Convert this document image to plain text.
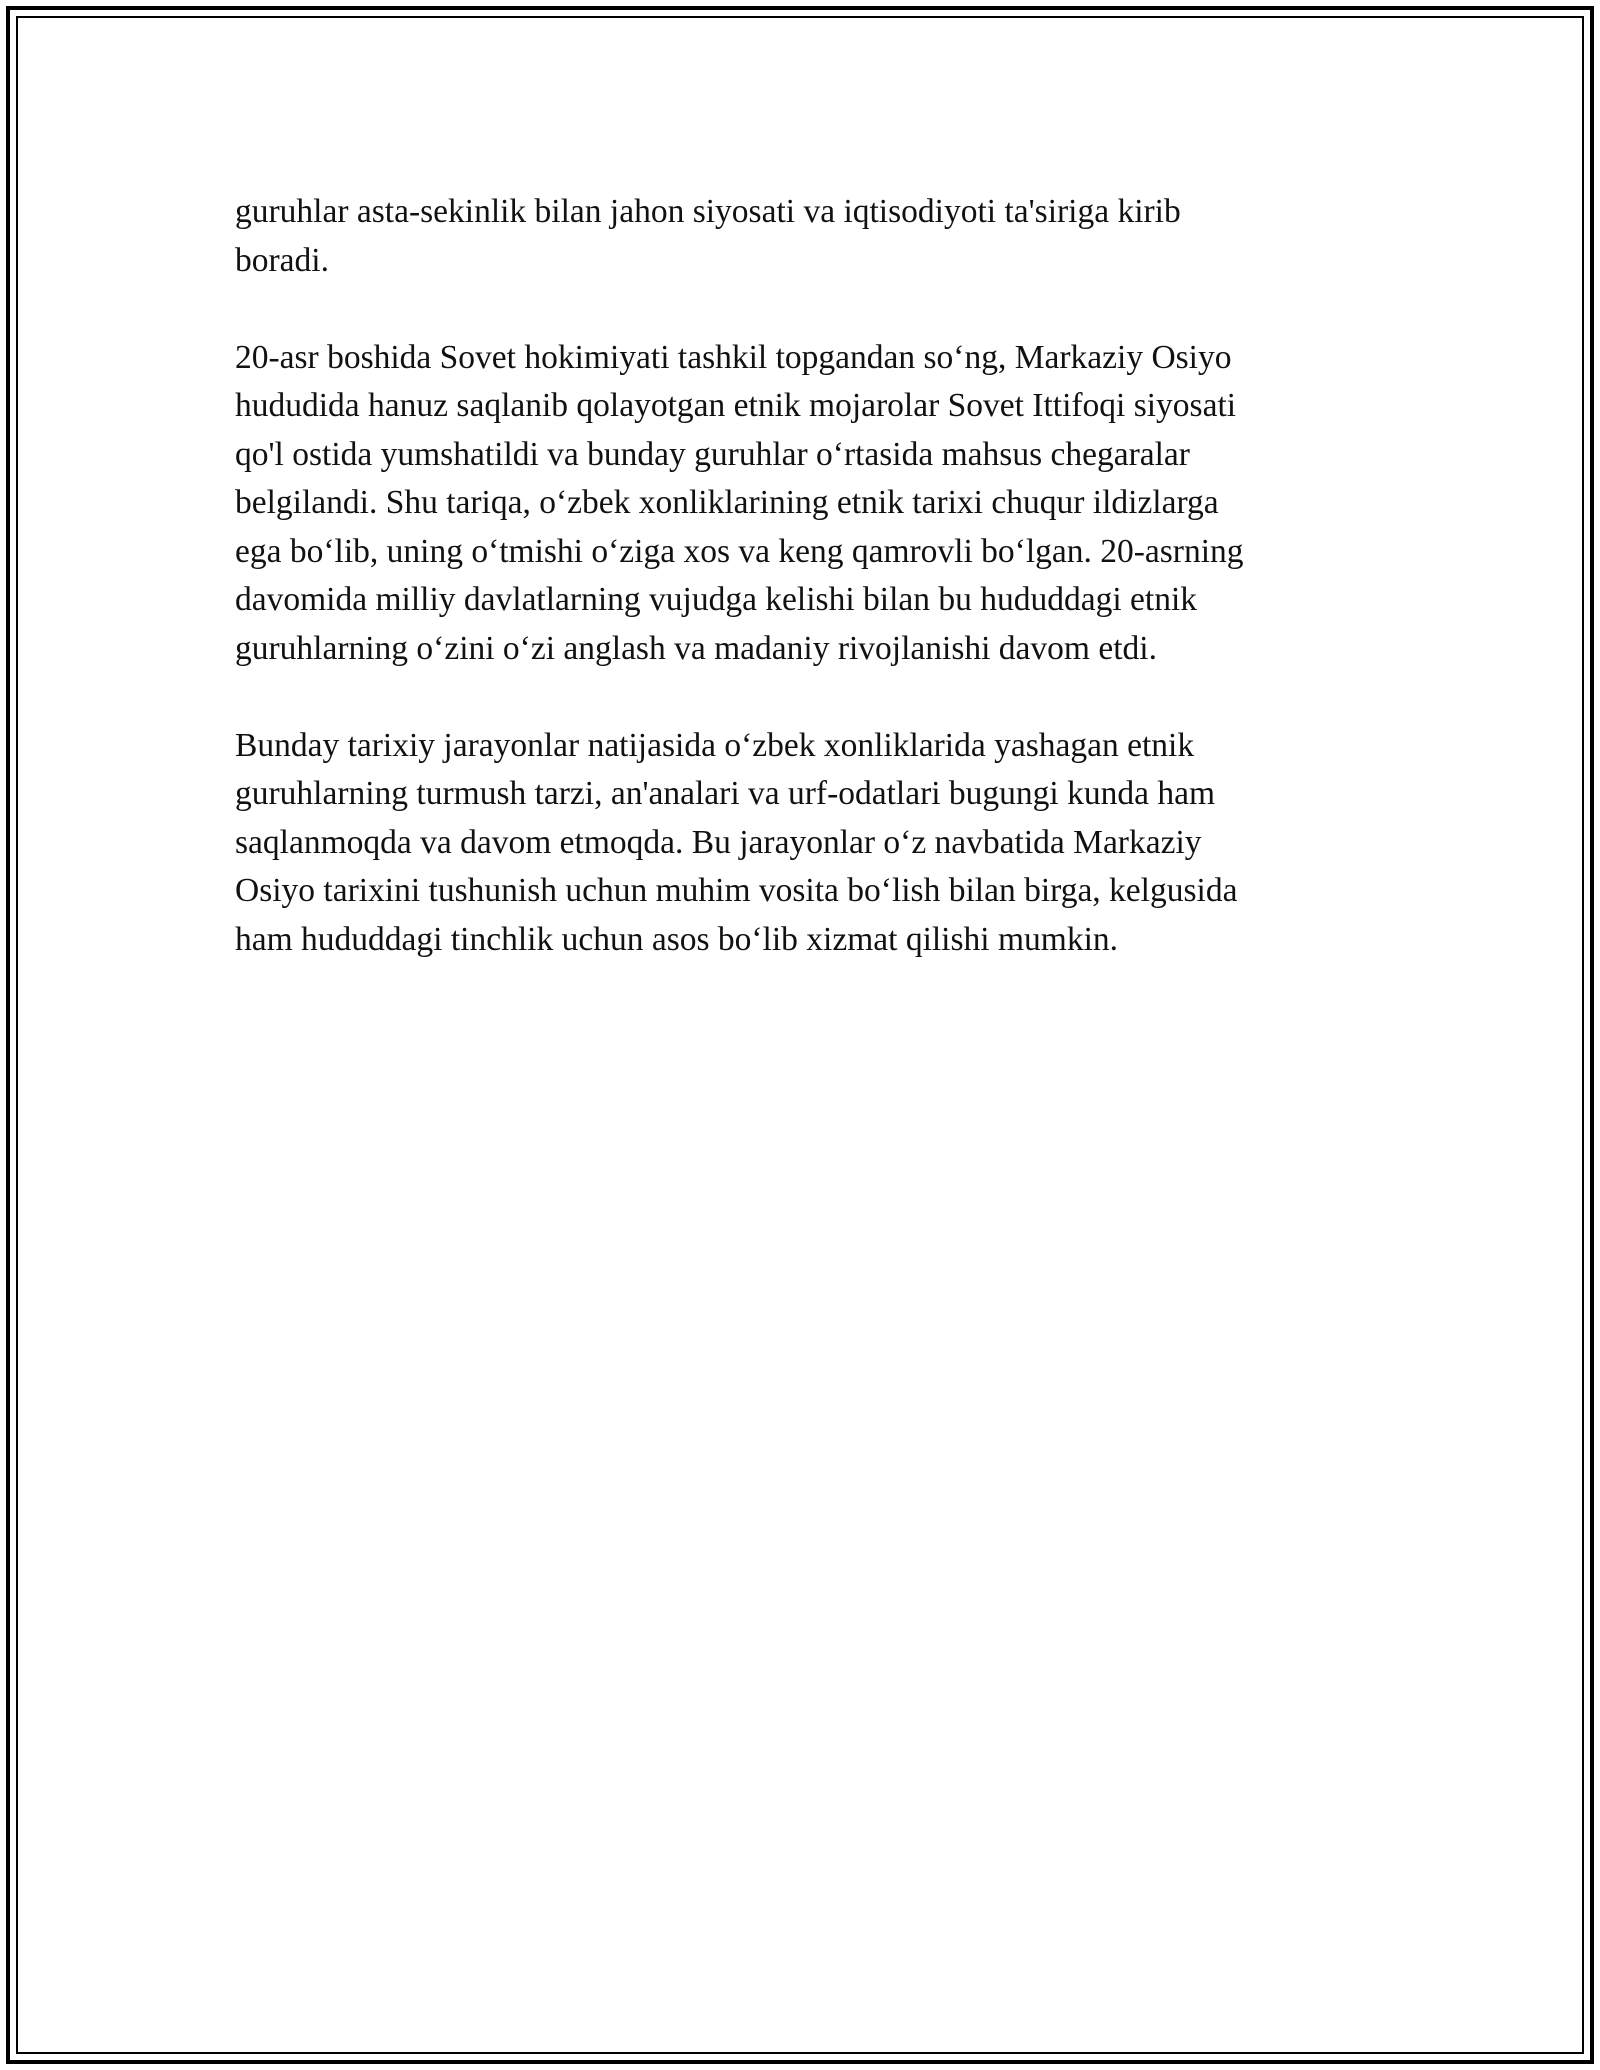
guruhlar asta-sekinlik bilan jahon siyosati va iqtisodiyoti ta'siriga kirib
boradi.

20-asr boshida Sovet hokimiyati tashkil topgandan so‘ng, Markaziy Osiyo
hududida hanuz saqlanib qolayotgan etnik mojarolar Sovet Ittifoqi siyosati
qo'l ostida yumshatildi va bunday guruhlar o‘rtasida mahsus chegaralar
belgilandi. Shu tariqa, o‘zbek xonliklarining etnik tarixi chuqur ildizlarga
ega bo‘lib, uning o‘tmishi o‘ziga xos va keng qamrovli bo‘lgan. 20-asrning
davomida milliy davlatlarning vujudga kelishi bilan bu hududdagi etnik
guruhlarning o‘zini o‘zi anglash va madaniy rivojlanishi davom etdi.

Bunday tarixiy jarayonlar natijasida o‘zbek xonliklarida yashagan etnik
guruhlarning turmush tarzi, an'analari va urf-odatlari bugungi kunda ham
saqlanmoqda va davom etmoqda. Bu jarayonlar o‘z navbatida Markaziy
Osiyo tarixini tushunish uchun muhim vosita bo‘lish bilan birga, kelgusida
ham hududdagi tinchlik uchun asos bo‘lib xizmat qilishi mumkin.
